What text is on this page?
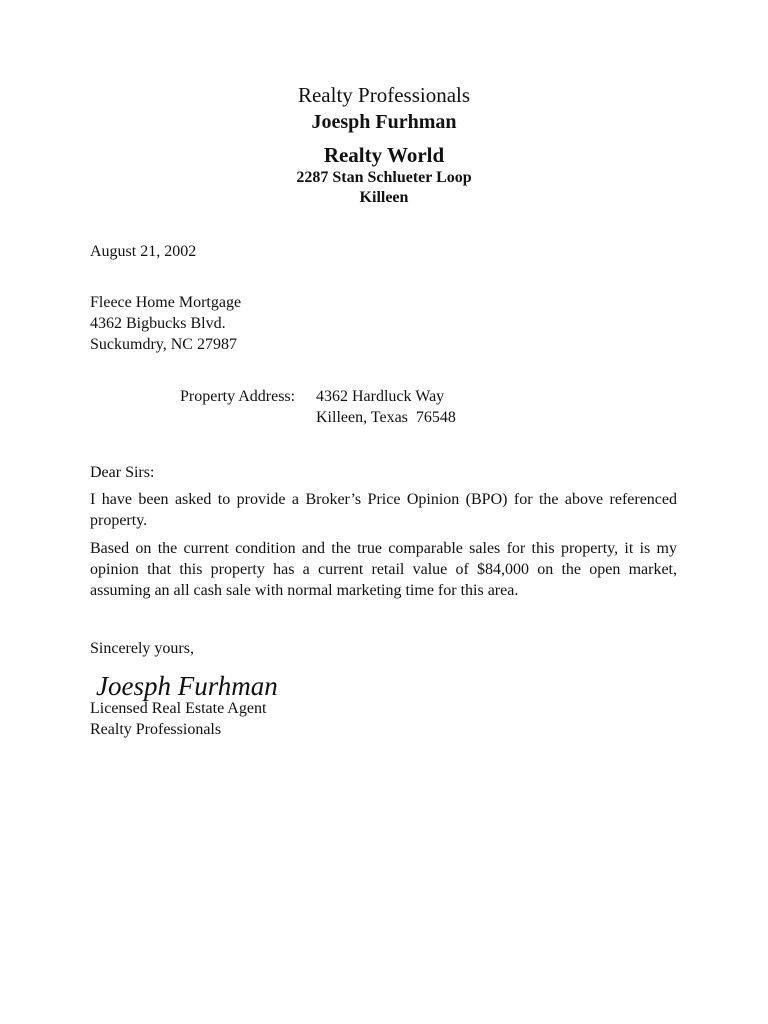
Realty Professionals
Joesph Furhman
Realty World
2287 Stan Schlueter Loop
Killeen
August 21, 2002
Fleece Home Mortgage
4362 Bigbucks Blvd.
Suckumdry, NC 27987
Property Address: 4362 Hardluck Way
Killeen, Texas  76548
Dear Sirs:

I have been asked to provide a Broker’s Price Opinion (BPO) for the above referenced property.

Based on the current condition and the true comparable sales for this property, it is my opinion that this property has a current retail value of $84,000 on the open market, assuming an all cash sale with normal marketing time for this area.

Sincerely yours,
Joesph Furhman
Licensed Real Estate Agent
Realty Professionals
